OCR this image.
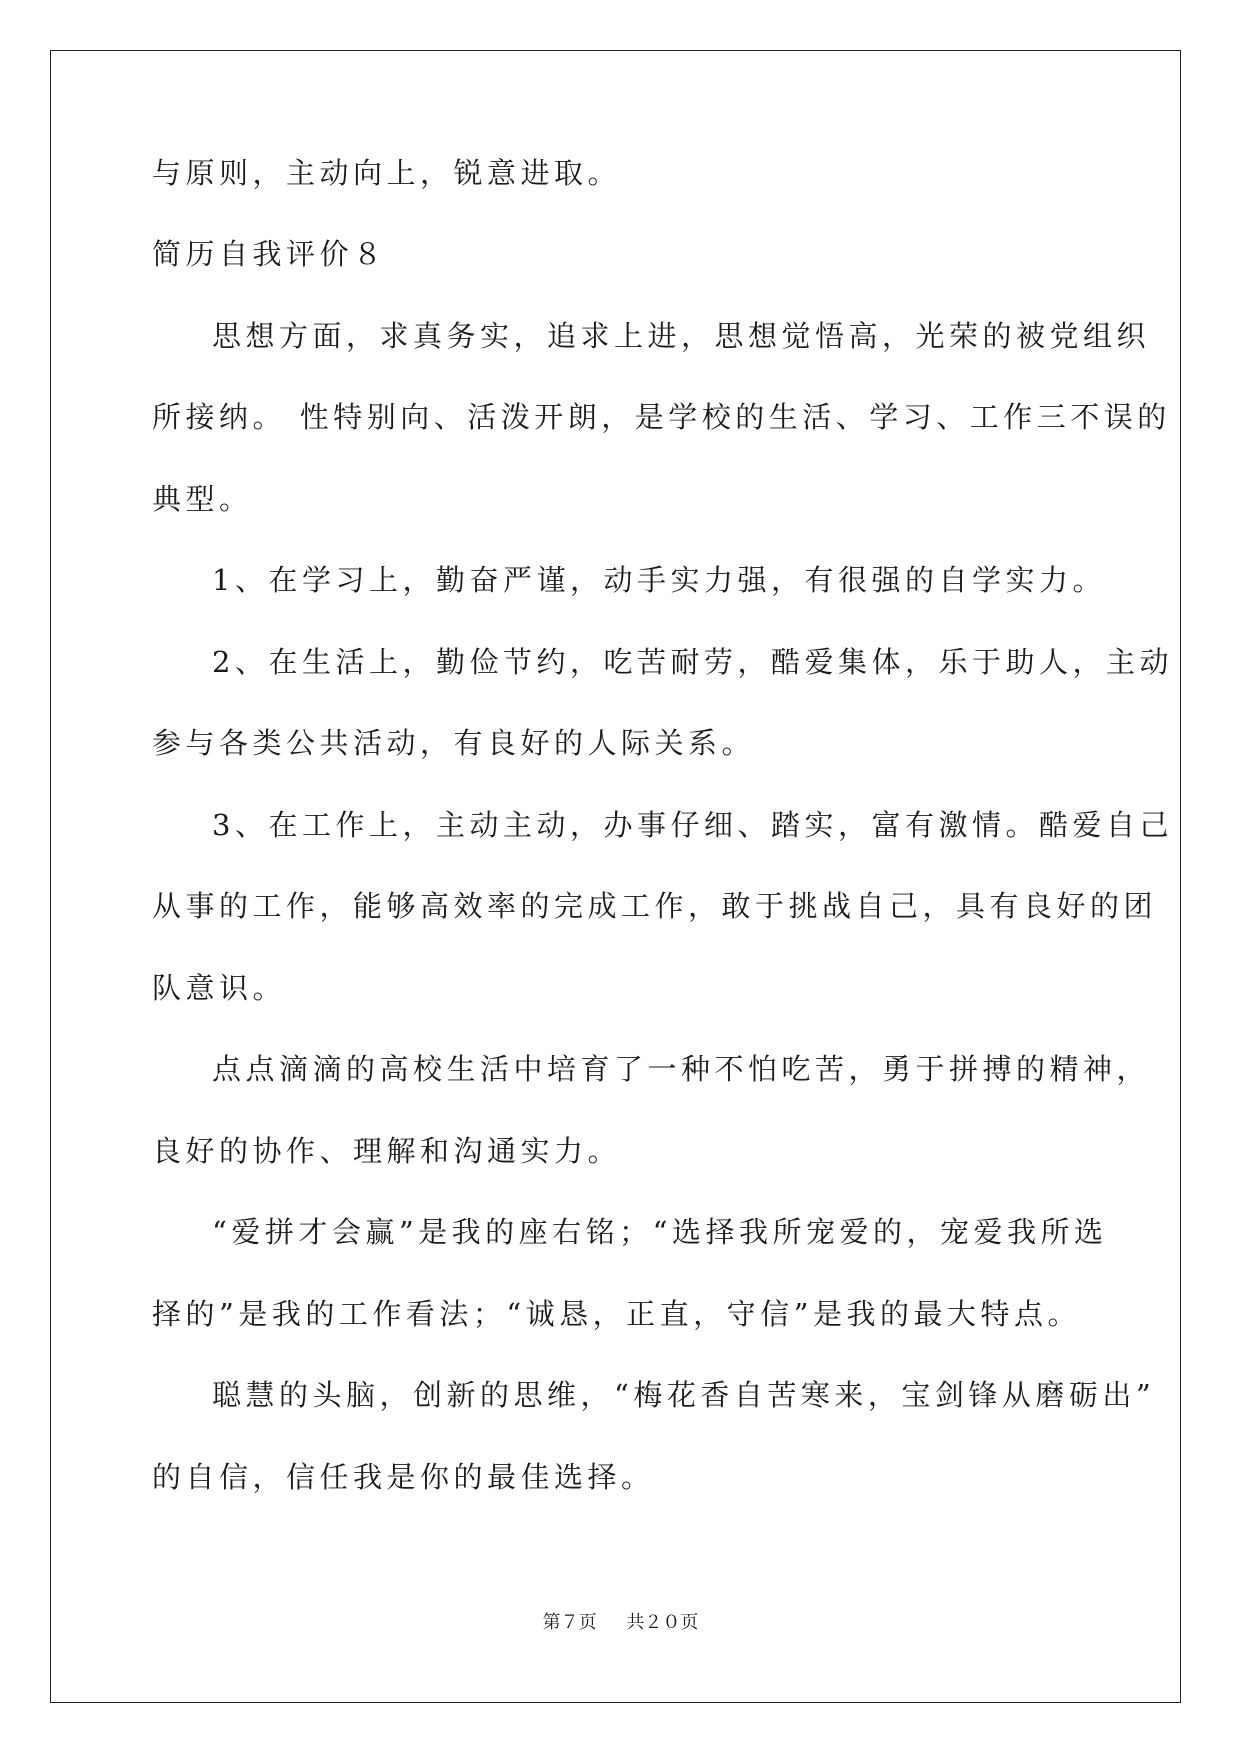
与原则，主动向上，锐意进取。
简历自我评价８
思想方面，求真务实，追求上进，思想觉悟高，光荣的被党组织
所接纳。 性特别向、活泼开朗，是学校的生活、学习、工作三不误的
典型。
1、在学习上，勤奋严谨，动手实力强，有很强的自学实力。
2、在生活上，勤俭节约，吃苦耐劳，酷爱集体，乐于助人，主动
参与各类公共活动，有良好的人际关系。
3、在工作上，主动主动，办事仔细、踏实，富有激情。酷爱自己
从事的工作，能够高效率的完成工作，敢于挑战自己，具有良好的团
队意识。
点点滴滴的高校生活中培育了一种不怕吃苦，勇于拼搏的精神，
良好的协作、理解和沟通实力。
“爱拼才会赢”是我的座右铭；“选择我所宠爱的，宠爱我所选
择的”是我的工作看法；“诚恳，正直，守信”是我的最大特点。
聪慧的头脑，创新的思维，“梅花香自苦寒来，宝剑锋从磨砺出”
的自信，信任我是你的最佳选择。
第７页 共２０页
